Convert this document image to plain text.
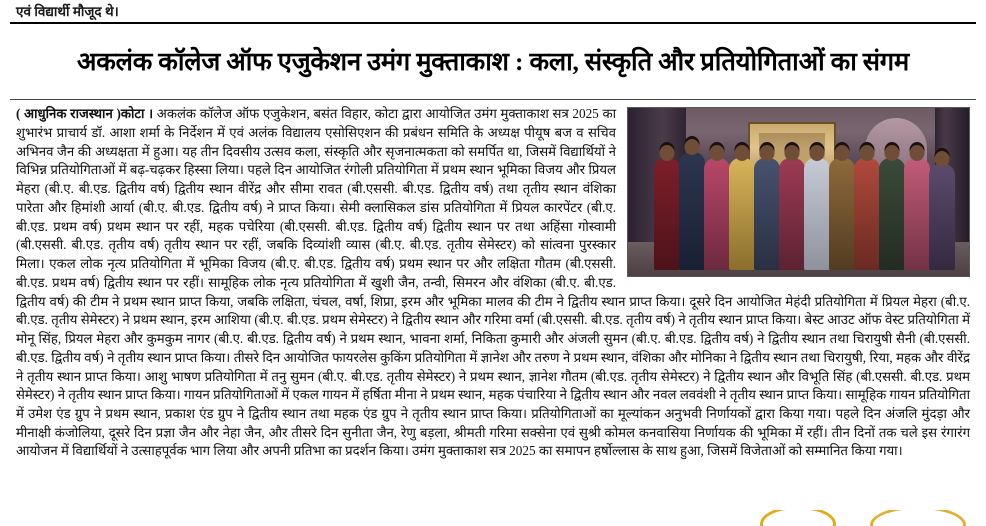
एवं विद्यार्थी मौजूद थे।
अकलंक कॉलेज ऑफ एजुकेशन उमंग मुक्ताकाश : कला, संस्कृति और प्रतियोगिताओं का संगम
( आधुनिक राजस्थान )कोटा । अकलंक कॉलेज ऑफ एजुकेशन, बसंत विहार, कोटा द्वारा आयोजित उमंग मुक्ताकाश सत्र 2025 का शुभारंभ प्राचार्य डॉ. आशा शर्मा के निर्देशन में एवं अलंक विद्यालय एसोसिएशन की प्रबंधन समिति के अध्यक्ष पीयूष बज व सचिव अभिनव जैन की अध्यक्षता में हुआ। यह तीन दिवसीय उत्सव कला, संस्कृति और सृजनात्मकता को समर्पित था, जिसमें विद्यार्थियों ने विभिन्न प्रतियोगिताओं में बढ़-चढ़कर हिस्सा लिया। पहले दिन आयोजित रंगोली प्रतियोगिता में प्रथम स्थान भूमिका विजय और प्रियल मेहरा (बी.ए. बी.एड. द्वितीय वर्ष) द्वितीय स्थान वीरेंद्र और सीमा रावत (बी.एससी. बी.एड. द्वितीय वर्ष) तथा तृतीय स्थान वंशिका पारेता और हिमांशी आर्या (बी.ए. बी.एड. द्वितीय वर्ष) ने प्राप्त किया। सेमी क्लासिकल डांस प्रतियोगिता में प्रियल कारपेंटर (बी.ए. बी.एड. प्रथम वर्ष) प्रथम स्थान पर रहीं, महक पचेरिया (बी.एससी. बी.एड. द्वितीय वर्ष) द्वितीय स्थान पर तथा अहिंसा गोस्वामी (बी.एससी. बी.एड. तृतीय वर्ष) तृतीय स्थान पर रहीं, जबकि दिव्यांशी व्यास (बी.ए. बी.एड. तृतीय सेमेस्टर) को सांत्वना पुरस्कार मिला। एकल लोक नृत्य प्रतियोगिता में भूमिका विजय (बी.ए. बी.एड. द्वितीय वर्ष) प्रथम स्थान पर और लक्षिता गौतम (बी.एससी. बी.एड. प्रथम वर्ष) द्वितीय स्थान पर रहीं। सामूहिक लोक नृत्य प्रतियोगिता में खुशी जैन, तन्वी, सिमरन और वंशिका (बी.ए. बी.एड. द्वितीय वर्ष) की टीम ने प्रथम स्थान प्राप्त किया, जबकि लक्षिता, चंचल, वर्षा, शिप्रा, इरम और भूमिका मालव की टीम ने द्वितीय स्थान प्राप्त किया। दूसरे दिन आयोजित मेहंदी प्रतियोगिता में प्रियल मेहरा (बी.ए. बी.एड. तृतीय सेमेस्टर) ने प्रथम स्थान, इरम आशिया (बी.ए. बी.एड. प्रथम सेमेस्टर) ने द्वितीय स्थान और गरिमा वर्मा (बी.एससी. बी.एड. तृतीय वर्ष) ने तृतीय स्थान प्राप्त किया। बेस्ट आउट ऑफ वेस्ट प्रतियोगिता में मोनू सिंह, प्रियल मेहरा और कुमकुम नागर (बी.ए. बी.एड. द्वितीय वर्ष) ने प्रथम स्थान, भावना शर्मा, निकिता कुमारी और अंजली सुमन (बी.ए. बी.एड. द्वितीय वर्ष) ने द्वितीय स्थान तथा चिरायुषी सैनी (बी.एससी. बी.एड. द्वितीय वर्ष) ने तृतीय स्थान प्राप्त किया। तीसरे दिन आयोजित फायरलेस कुकिंग प्रतियोगिता में ज्ञानेश और तरुण ने प्रथम स्थान, वंशिका और मोनिका ने द्वितीय स्थान तथा चिरायुषी, रिया, महक और वीरेंद्र ने तृतीय स्थान प्राप्त किया। आशु भाषण प्रतियोगिता में तनु सुमन (बी.ए. बी.एड. तृतीय सेमेस्टर) ने प्रथम स्थान, ज्ञानेश गौतम (बी.एड. तृतीय सेमेस्टर) ने द्वितीय स्थान और विभूति सिंह (बी.एससी. बी.एड. प्रथम सेमेस्टर) ने तृतीय स्थान प्राप्त किया। गायन प्रतियोगिताओं में एकल गायन में हर्षिता मीना ने प्रथम स्थान, महक पंचारिया ने द्वितीय स्थान और नवल लववंशी ने तृतीय स्थान प्राप्त किया। सामूहिक गायन प्रतियोगिता में उमेश एंड ग्रुप ने प्रथम स्थान, प्रकाश एंड ग्रुप ने द्वितीय स्थान तथा महक एंड ग्रुप ने तृतीय स्थान प्राप्त किया। प्रतियोगिताओं का मूल्यांकन अनुभवी निर्णायकों द्वारा किया गया। पहले दिन अंजलि मुंदड़ा और मीनाक्षी कंजोलिया, दूसरे दिन प्रज्ञा जैन और नेहा जैन, और तीसरे दिन सुनीता जैन, रेणु बड़ला, श्रीमती गरिमा सक्सेना एवं सुश्री कोमल कनवासिया निर्णायक की भूमिका में रहीं। तीन दिनों तक चले इस रंगारंग आयोजन में विद्यार्थियों ने उत्साहपूर्वक भाग लिया और अपनी प्रतिभा का प्रदर्शन किया। उमंग मुक्ताकाश सत्र 2025 का समापन हर्षोल्लास के साथ हुआ, जिसमें विजेताओं को सम्मानित किया गया।
